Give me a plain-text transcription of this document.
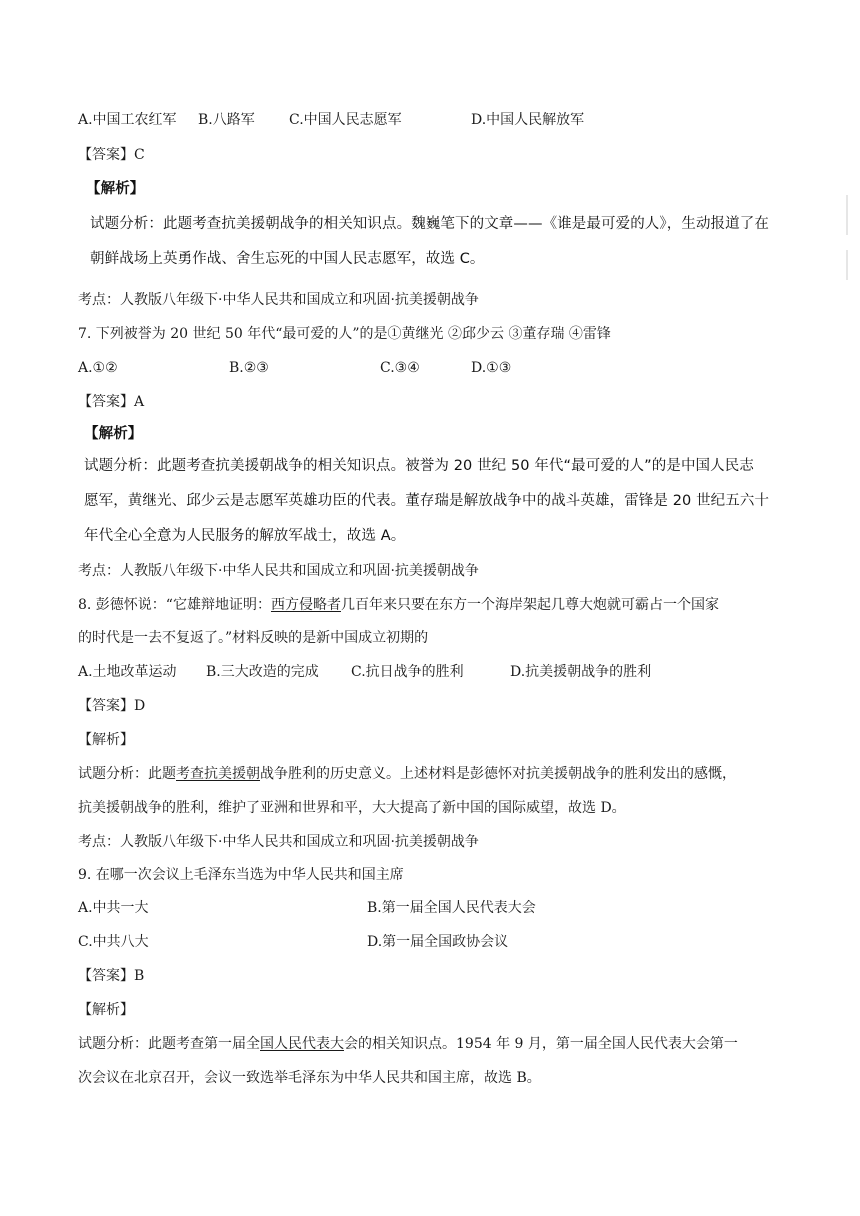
A.中国工农红军 B.八路军 C.中国人民志愿军	D.中国人民解放军
【答案】C
【解析】
试题分析：此题考查抗美援朝战争的相关知识点。魏巍笔下的文章——《谁是最可爱的人》，生动报道了在
朝鲜战场上英勇作战、舍生忘死的中国人民志愿军，故选 C。
考点：人教版八年级下·中华人民共和国成立和巩固·抗美援朝战争
7. 下列被誉为 20 世纪 50 年代“最可爱的人”的是①黄继光 ②邱少云 ③董存瑞 ④雷锋
A.①②	B.②③	C.③④	D.①③
【答案】A
【解析】
试题分析：此题考查抗美援朝战争的相关知识点。被誉为 20 世纪 50 年代“最可爱的人”的是中国人民志
愿军，黄继光、邱少云是志愿军英雄功臣的代表。董存瑞是解放战争中的战斗英雄，雷锋是 20 世纪五六十
年代全心全意为人民服务的解放军战士，故选 A。
考点：人教版八年级下·中华人民共和国成立和巩固·抗美援朝战争
8. 彭德怀说：“它雄辩地证明：西方侵略者几百年来只要在东方一个海岸架起几尊大炮就可霸占一个国家
的时代是一去不复返了。”材料反映的是新中国成立初期的
A.土地改革运动 B.三大改造的完成 C.抗日战争的胜利	D.抗美援朝战争的胜利
【答案】D
【解析】
试题分析：此题考查抗美援朝战争胜利的历史意义。上述材料是彭德怀对抗美援朝战争的胜利发出的感慨，
抗美援朝战争的胜利，维护了亚洲和世界和平，大大提高了新中国的国际威望，故选 D。
考点：人教版八年级下·中华人民共和国成立和巩固·抗美援朝战争
9. 在哪一次会议上毛泽东当选为中华人民共和国主席
A.中共一大	B.第一届全国人民代表大会
C.中共八大	D.第一届全国政协会议
【答案】B
【解析】
试题分析：此题考查第一届全国人民代表大会的相关知识点。1954 年 9 月，第一届全国人民代表大会第一
次会议在北京召开，会议一致选举毛泽东为中华人民共和国主席，故选 B。
